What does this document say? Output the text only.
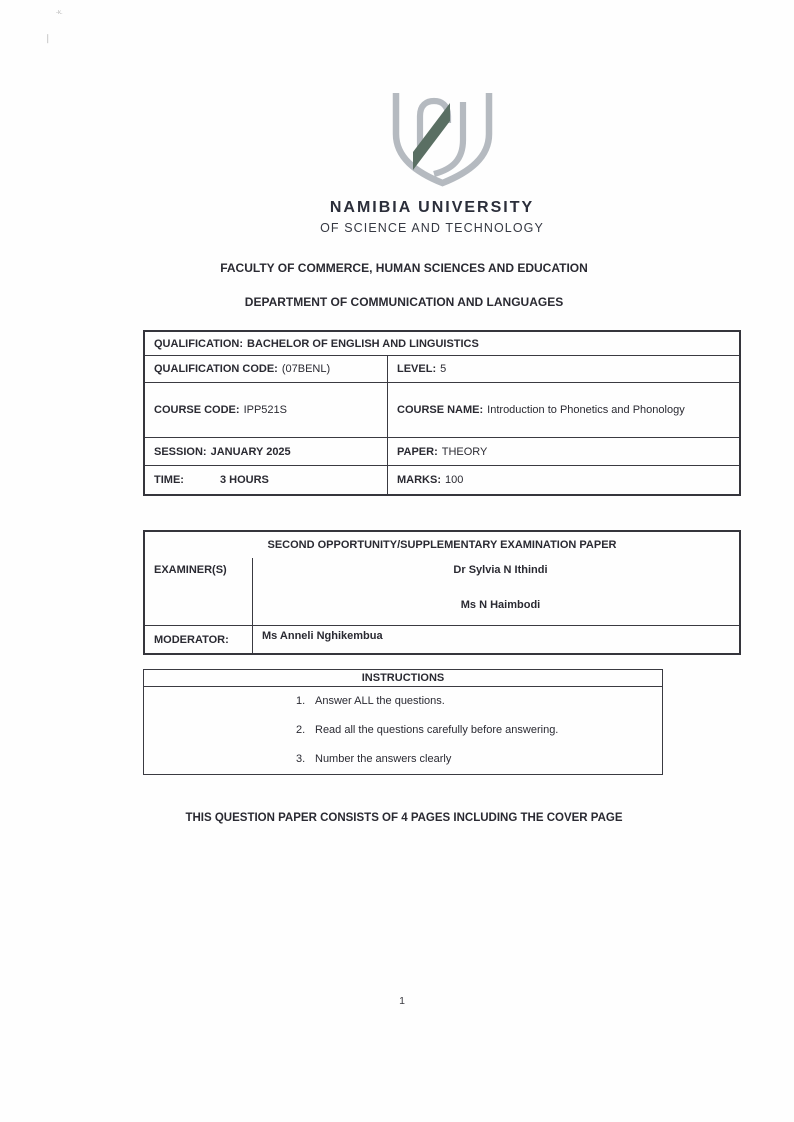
-k.
❘
NAMIBIA UNIVERSITY
OF SCIENCE AND TECHNOLOGY
FACULTY OF COMMERCE, HUMAN SCIENCES AND EDUCATION
DEPARTMENT OF COMMUNICATION AND LANGUAGES
QUALIFICATION: BACHELOR OF ENGLISH AND LINGUISTICS
QUALIFICATION CODE: (07BENL)	LEVEL: 5
COURSE CODE: IPP521S	COURSE NAME: Introduction to Phonetics and Phonology
SESSION: JANUARY 2025	PAPER: THEORY
TIME:	3 HOURS	MARKS: 100
SECOND OPPORTUNITY/SUPPLEMENTARY EXAMINATION PAPER
EXAMINER(S)	Dr Sylvia N Ithindi
Ms N Haimbodi
MODERATOR:	Ms Anneli Nghikembua
INSTRUCTIONS
1. Answer ALL the questions.
2. Read all the questions carefully before answering.
3. Number the answers clearly
THIS QUESTION PAPER CONSISTS OF 4 PAGES INCLUDING THE COVER PAGE
1
